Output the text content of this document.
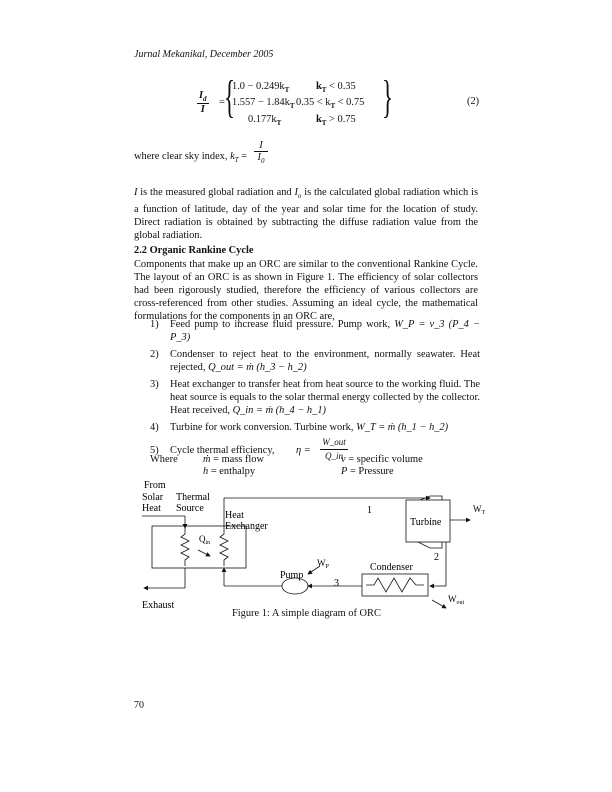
Jurnal Mekanikal, December 2005
$\frac{I_d}{I}$ = {	}
$1.0 - 0.249k_T$
$1.557 - 1.84k_T$
$0.177k_T$
$k_T < 0.35$
$0.35 < k_T < 0.75$
$k_T > 0.75$
(2)
where clear sky index, $k_T = \frac{I}{I_0}$
I is the measured global radiation and $I_o$ is the calculated global radiation which is a function of latitude, day of the year and solar time for the location of study. Direct radiation is obtained by subtracting the diffuse radiation value from the global radiation.
2.2 Organic Rankine Cycle
Components that make up an ORC are similar to the conventional Rankine Cycle. The layout of an ORC is as shown in Figure 1. The efficiency of solar collectors had been rigorously studied, therefore the efficiency of various collectors are cross-referenced from other studies. Assuming an ideal cycle, the mathematical formulations for the components in an ORC are,
1) Feed pump to increase fluid pressure. Pump work, W_P = v_3 (P_4 − P_3)
2) Condenser to reject heat to the environment, normally seawater. Heat rejected, Q_out = ṁ (h_3 − h_2)
3) Heat exchanger to transfer heat from heat source to the working fluid. The heat source is equals to the solar thermal energy collected by the collector. Heat received, Q_in = ṁ (h_4 − h_1)
4) Turbine for work conversion. Turbine work, W_T = ṁ (h_1 − h_2)
5) Cycle thermal efficiency, η =
W_out
Q_in
Where ṁ = mass flow
h = enthalpy
v = specific volume
P = Pressure
From
Solar
Heat
Thermal
Source
Heat
Exchanger
$Q_{in}$
Exhaust
1
Turbine
$W_T$
2
Condenser
$W_{out}$
3
Pump
$W_P$
Figure 1: A simple diagram of ORC
70
